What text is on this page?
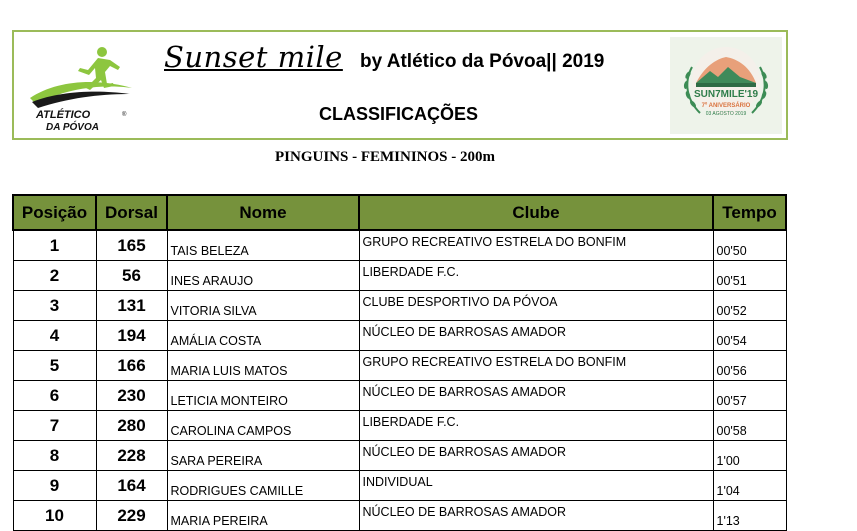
ATLÉTICO
DA PÓVOA
®
Sunset mile by Atlético da Póvoa|| 2019
CLASSIFICAÇÕES
SUN7MILE'19
7º ANIVERSÁRIO
03 AGOSTO 2019
PINGUINS - FEMININOS - 200m
Posição	Dorsal	Nome	Clube	Tempo
1	165	TAIS BELEZA	GRUPO RECREATIVO ESTRELA DO BONFIM	00'50
2	56	INES ARAUJO	LIBERDADE F.C.	00'51
3	131	VITORIA SILVA	CLUBE DESPORTIVO DA PÓVOA	00'52
4	194	AMÁLIA COSTA	NÚCLEO DE BARROSAS AMADOR	00'54
5	166	MARIA LUIS MATOS	GRUPO RECREATIVO ESTRELA DO BONFIM	00'56
6	230	LETICIA MONTEIRO	NÚCLEO DE BARROSAS AMADOR	00'57
7	280	CAROLINA CAMPOS	LIBERDADE F.C.	00'58
8	228	SARA PEREIRA	NÚCLEO DE BARROSAS AMADOR	1'00
9	164	RODRIGUES CAMILLE	INDIVIDUAL	1'04
10	229	MARIA PEREIRA	NÚCLEO DE BARROSAS AMADOR	1'13
